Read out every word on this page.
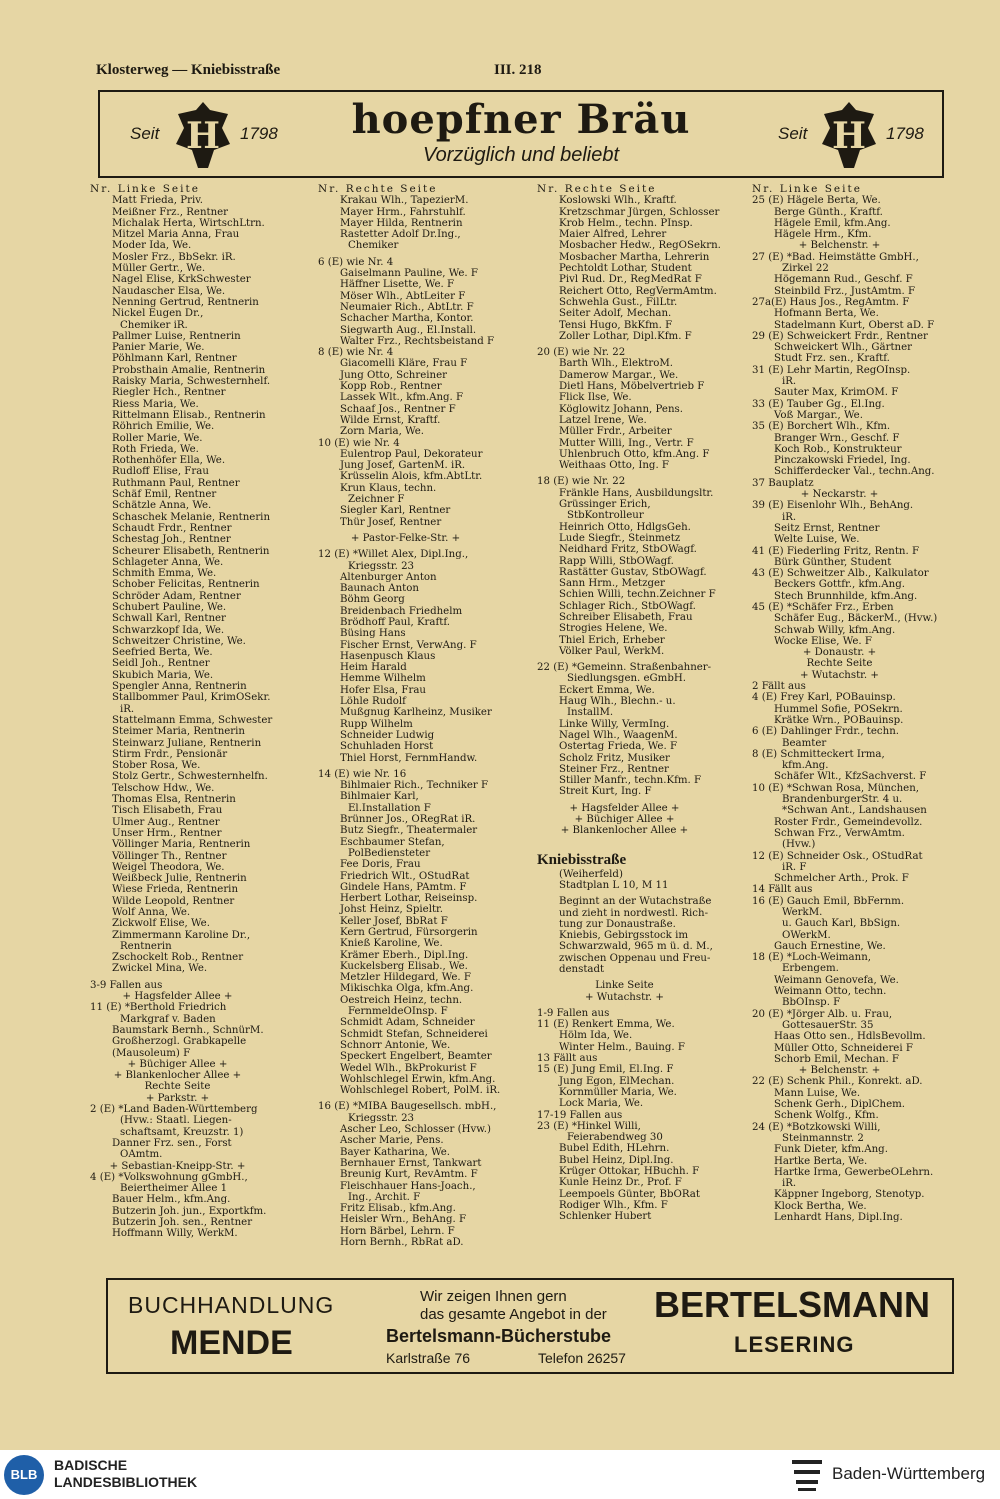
Klosterweg — Kniebisstraße	III. 218
Seit H 1798	hoepfner Bräu
Vorzüglich und beliebt
Seit H 1798
Nr. Linke Seite
Matt Frieda, Priv.
Meißner Frz., Rentner
Michalak Herta, WirtschLtrn.
Mitzel Maria Anna, Frau
Moder Ida, We.
Mosler Frz., BbSekr. iR.
Müller Gertr., We.
Nagel Elise, KrkSchwester
Naudascher Elsa, We.
Nenning Gertrud, Rentnerin
Nickel Eugen Dr.,
Chemiker iR.
Pallmer Luise, Rentnerin
Panier Marie, We.
Pöhlmann Karl, Rentner
Probsthain Amalie, Rentnerin
Raisky Maria, Schwesternhelf.
Riegler Hch., Rentner
Riess Maria, We.
Rittelmann Elisab., Rentnerin
Röhrich Emilie, We.
Roller Marie, We.
Roth Frieda, We.
Rothenhöfer Ella, We.
Rudloff Elise, Frau
Ruthmann Paul, Rentner
Schäf Emil, Rentner
Schätzle Anna, We.
Schaschek Melanie, Rentnerin
Schaudt Frdr., Rentner
Schestag Joh., Rentner
Scheurer Elisabeth, Rentnerin
Schlageter Anna, We.
Schmith Emma, We.
Schober Felicitas, Rentnerin
Schröder Adam, Rentner
Schubert Pauline, We.
Schwall Karl, Rentner
Schwarzkopf Ida, We.
Schweitzer Christine, We.
Seefried Berta, We.
Seidl Joh., Rentner
Skubich Maria, We.
Spengler Anna, Rentnerin
Stallbommer Paul, KrimOSekr.
iR.
Stattelmann Emma, Schwester
Steimer Maria, Rentnerin
Steinwarz Juliane, Rentnerin
Stirm Frdr., Pensionär
Stober Rosa, We.
Stolz Gertr., Schwesternhelfn.
Telschow Hdw., We.
Thomas Elsa, Rentnerin
Tisch Elisabeth, Frau
Ulmer Aug., Rentner
Unser Hrm., Rentner
Völlinger Maria, Rentnerin
Völlinger Th., Rentner
Weigel Theodora, We.
Weißbeck Julie, Rentnerin
Wiese Frieda, Rentnerin
Wilde Leopold, Rentner
Wolf Anna, We.
Zickwolf Elise, We.
Zimmermann Karoline Dr.,
Rentnerin
Zschockelt Rob., Rentner
Zwickel Mina, We.
3-9 Fallen aus
+ Hagsfelder Allee +
11 (E) *Berthold Friedrich
Markgraf v. Baden
Baumstark Bernh., SchnürM.
Großherzogl. Grabkapelle
(Mausoleum) F
+ Büchiger Allee +
+ Blankenlocher Allee +
Rechte Seite
+ Parkstr. +
2 (E) *Land Baden-Württemberg
(Hvw.: Staatl. Liegen-
schaftsamt, Kreuzstr. 1)
Danner Frz. sen., Forst
OAmtm.
+ Sebastian-Kneipp-Str. +
4 (E) *Volkswohnung gGmbH.,
Beiertheimer Allee 1
Bauer Helm., kfm.Ang.
Butzerin Joh. jun., Exportkfm.
Butzerin Joh. sen., Rentner
Hoffmann Willy, WerkM.
Nr. Rechte Seite
Krakau Wlh., TapezierM.
Mayer Hrm., Fahrstuhlf.
Mayer Hilda, Rentnerin
Rastetter Adolf Dr.Ing.,
Chemiker
6 (E) wie Nr. 4
Gaiselmann Pauline, We. F
Häffner Lisette, We. F
Möser Wlh., AbtLeiter F
Neumaier Rich., AbtLtr. F
Schacher Martha, Kontor.
Siegwarth Aug., El.Install.
Walter Frz., Rechtsbeistand F
8 (E) wie Nr. 4
Giacomelli Kläre, Frau F
Jung Otto, Schreiner
Kopp Rob., Rentner
Lassek Wlt., kfm.Ang. F
Schaaf Jos., Rentner F
Wilde Ernst, Kraftf.
Zorn Maria, We.
10 (E) wie Nr. 4
Eulentrop Paul, Dekorateur
Jung Josef, GartenM. iR.
Krüsselin Alois, kfm.AbtLtr.
Krun Klaus, techn.
Zeichner F
Siegler Karl, Rentner
Thür Josef, Rentner
+ Pastor-Felke-Str. +
12 (E) *Willet Alex, Dipl.Ing.,
Kriegsstr. 23
Altenburger Anton
Baunach Anton
Böhm Georg
Breidenbach Friedhelm
Brödhoff Paul, Kraftf.
Büsing Hans
Fischer Ernst, VerwAng. F
Hasenpusch Klaus
Heim Harald
Hemme Wilhelm
Hofer Elsa, Frau
Löhle Rudolf
Mußgnug Karlheinz, Musiker
Rupp Wilhelm
Schneider Ludwig
Schuhladen Horst
Thiel Horst, FernmHandw.
14 (E) wie Nr. 16
Bihlmaier Rich., Techniker F
Bihlmaier Karl,
El.Installation F
Brünner Jos., ORegRat iR.
Butz Siegfr., Theatermaler
Eschbaumer Stefan,
PolBediensteter
Fee Doris, Frau
Friedrich Wlt., OStudRat
Gindele Hans, PAmtm. F
Herbert Lothar, Reiseinsp.
Johst Heinz, Spieltr.
Keller Josef, BbRat F
Kern Gertrud, Fürsorgerin
Knieß Karoline, We.
Krämer Eberh., Dipl.Ing.
Kuckelsberg Elisab., We.
Metzler Hildegard, We. F
Mikischka Olga, kfm.Ang.
Oestreich Heinz, techn.
FernmeldeOInsp. F
Schmidt Adam, Schneider
Schmidt Stefan, Schneiderei
Schnorr Antonie, We.
Speckert Engelbert, Beamter
Wedel Wlh., BkProkurist F
Wohlschlegel Erwin, kfm.Ang.
Wohlschlegel Robert, PolM. iR.
16 (E) *MIBA Baugesellsch. mbH.,
Kriegsstr. 23
Ascher Leo, Schlosser (Hvw.)
Ascher Marie, Pens.
Bayer Katharina, We.
Bernhauer Ernst, Tankwart
Breunig Kurt, RevAmtm. F
Fleischhauer Hans-Joach.,
Ing., Archit. F
Fritz Elisab., kfm.Ang.
Heisler Wrn., BehAng. F
Horn Bärbel, Lehrn. F
Horn Bernh., RbRat aD.
Nr. Rechte Seite
Koslowski Wlh., Kraftf.
Kretzschmar Jürgen, Schlosser
Krob Helm., techn. PInsp.
Maier Alfred, Lehrer
Mosbacher Hedw., RegOSekrn.
Mosbacher Martha, Lehrerin
Pechtoldt Lothar, Student
Pivl Rud. Dr., RegMedRat F
Reichert Otto, RegVermAmtm.
Schwehla Gust., FilLtr.
Seiter Adolf, Mechan.
Tensi Hugo, BkKfm. F
Zoller Lothar, Dipl.Kfm. F
20 (E) wie Nr. 22
Barth Wlh., ElektroM.
Damerow Margar., We.
Dietl Hans, Möbelvertrieb F
Flick Ilse, We.
Köglowitz Johann, Pens.
Latzel Irene, We.
Müller Frdr., Arbeiter
Mutter Willi, Ing., Vertr. F
Uhlenbruch Otto, kfm.Ang. F
Weithaas Otto, Ing. F
18 (E) wie Nr. 22
Fränkle Hans, Ausbildungsltr.
Grüssinger Erich,
StbKontrolleur
Heinrich Otto, HdlgsGeh.
Lude Siegfr., Steinmetz
Neidhard Fritz, StbOWagf.
Rapp Willi, StbOWagf.
Rastätter Gustav, StbOWagf.
Sann Hrm., Metzger
Schien Willi, techn.Zeichner F
Schlager Rich., StbOWagf.
Schreiber Elisabeth, Frau
Strogies Helene, We.
Thiel Erich, Erheber
Völker Paul, WerkM.
22 (E) *Gemeinn. Straßenbahner-
Siedlungsgen. eGmbH.
Eckert Emma, We.
Haug Wlh., Blechn.- u.
InstallM.
Linke Willy, VermIng.
Nagel Wlh., WaagenM.
Ostertag Frieda, We. F
Scholz Fritz, Musiker
Steiner Frz., Rentner
Stiller Manfr., techn.Kfm. F
Streit Kurt, Ing. F
+ Hagsfelder Allee +
+ Büchiger Allee +
+ Blankenlocher Allee +
Kniebisstraße
(Weiherfeld)
Stadtplan L 10, M 11
Beginnt an der Wutachstraße
und zieht in nordwestl. Rich-
tung zur Donaustraße.
Kniebis, Gebirgsstock im
Schwarzwald, 965 m ü. d. M.,
zwischen Oppenau und Freu-
denstadt
Linke Seite
+ Wutachstr. +
1-9 Fallen aus
11 (E) Renkert Emma, We.
Hölm Ida, We.
Winter Helm., Bauing. F
13 Fällt aus
15 (E) Jung Emil, El.Ing. F
Jung Egon, ElMechan.
Kornmüller Maria, We.
Lock Maria, We.
17-19 Fallen aus
23 (E) *Hinkel Willi,
Feierabendweg 30
Bubel Edith, HLehrn.
Bubel Heinz, Dipl.Ing.
Krüger Ottokar, HBuchh. F
Kunle Heinz Dr., Prof. F
Leempoels Günter, BbORat
Rodiger Wlh., Kfm. F
Schlenker Hubert
Nr. Linke Seite
25 (E) Hägele Berta, We.
Berge Günth., Kraftf.
Hägele Emil, kfm.Ang.
Hägele Hrm., Kfm.
+ Belchenstr. +
27 (E) *Bad. Heimstätte GmbH.,
Zirkel 22
Högemann Rud., Geschf. F
Steinbild Frz., JustAmtm. F
27a(E) Haus Jos., RegAmtm. F
Hofmann Berta, We.
Stadelmann Kurt, Oberst aD. F
29 (E) Schweickert Frdr., Rentner
Schweickert Wlh., Gärtner
Studt Frz. sen., Kraftf.
31 (E) Lehr Martin, RegOInsp.
iR.
Sauter Max, KrimOM. F
33 (E) Tauber Gg., El.Ing.
Voß Margar., We.
35 (E) Borchert Wlh., Kfm.
Branger Wrn., Geschf. F
Koch Rob., Konstrukteur
Pinczakowski Friedel, Ing.
Schifferdecker Val., techn.Ang.
37 Bauplatz
+ Neckarstr. +
39 (E) Eisenlohr Wlh., BehAng.
iR.
Seitz Ernst, Rentner
Welte Luise, We.
41 (E) Fiederling Fritz, Rentn. F
Bürk Günther, Student
43 (E) Schweitzer Alb., Kalkulator
Beckers Gottfr., kfm.Ang.
Stech Brunnhilde, kfm.Ang.
45 (E) *Schäfer Frz., Erben
Schäfer Eug., BäckerM., (Hvw.)
Schwab Willy, kfm.Ang.
Wocke Elise, We. F
+ Donaustr. +
Rechte Seite
+ Wutachstr. +
2 Fällt aus
4 (E) Frey Karl, POBauinsp.
Hummel Sofie, POSekrn.
Krätke Wrn., POBauinsp.
6 (E) Dahlinger Frdr., techn.
Beamter
8 (E) Schmitteckert Irma,
kfm.Ang.
Schäfer Wlt., KfzSachverst. F
10 (E) *Schwan Rosa, München,
BrandenburgerStr. 4 u.
*Schwan Ant., Landshausen
Roster Frdr., Gemeindevollz.
Schwan Frz., VerwAmtm.
(Hvw.)
12 (E) Schneider Osk., OStudRat
iR. F
Schmelcher Arth., Prok. F
14 Fällt aus
16 (E) Gauch Emil, BbFernm.
WerkM.
u. Gauch Karl, BbSign.
OWerkM.
Gauch Ernestine, We.
18 (E) *Loch-Weimann,
Erbengem.
Weimann Genovefa, We.
Weimann Otto, techn.
BbOInsp. F
20 (E) *Jörger Alb. u. Frau,
GottesauerStr. 35
Haas Otto sen., HdlsBevollm.
Müller Otto, Schneiderei F
Schorb Emil, Mechan. F
+ Belchenstr. +
22 (E) Schenk Phil., Konrekt. aD.
Mann Luise, We.
Schenk Gerh., DiplChem.
Schenk Wolfg., Kfm.
24 (E) *Botzkowski Willi,
Steinmannstr. 2
Funk Dieter, kfm.Ang.
Hartke Berta, We.
Hartke Irma, GewerbeOLehrn.
iR.
Käppner Ingeborg, Stenotyp.
Klock Bertha, We.
Lenhardt Hans, Dipl.Ing.
BUCHHANDLUNG
MENDE
Wir zeigen Ihnen gern
das gesamte Angebot in der
Bertelsmann-Bücherstube
Karlstraße 76	Telefon 26257
BERTELSMANN
LESERING
BLB
BADISCHE
LANDESBIBLIOTHEK	Baden-Württemberg
